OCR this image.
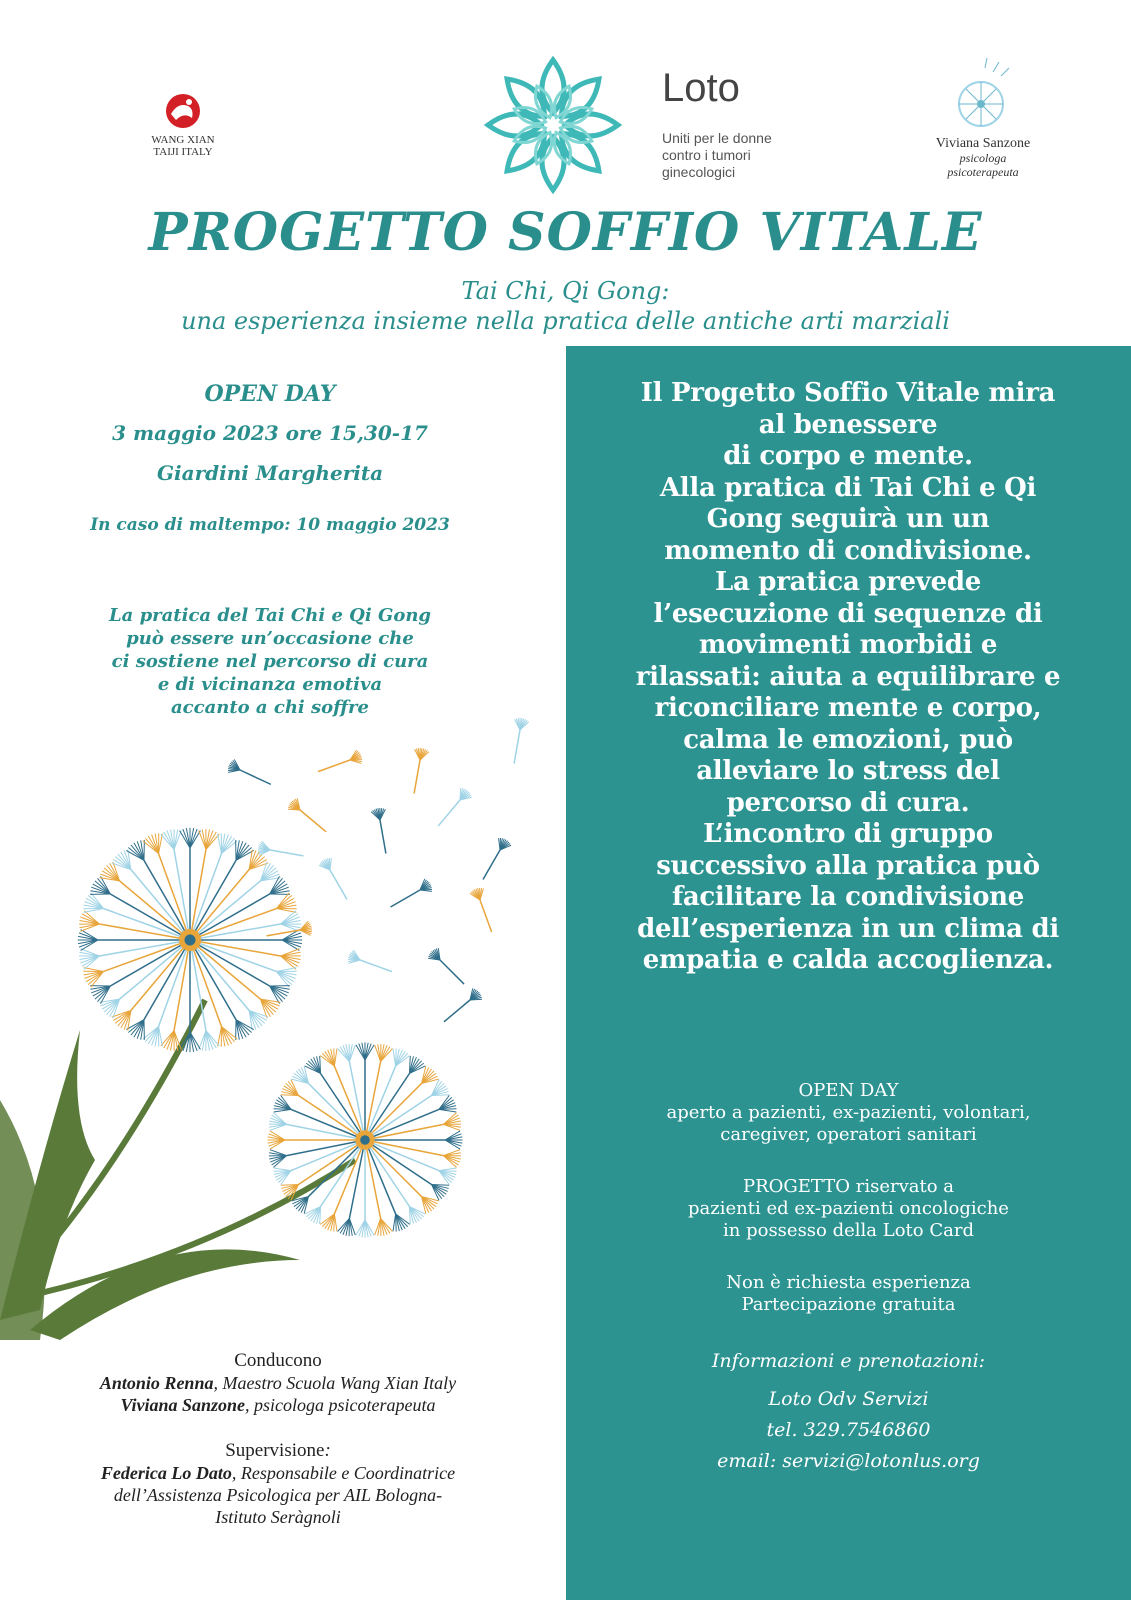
WANG XIAN
TAIJI ITALY
Loto
Uniti per le donne
contro i tumori
ginecologici
Viviana Sanzone
psicologa
psicoterapeuta
PROGETTO SOFFIO VITALE
Tai Chi, Qi Gong:
una esperienza insieme nella pratica delle antiche arti marziali
OPEN DAY
3 maggio 2023 ore 15,30-17
Giardini Margherita
In caso di maltempo: 10 maggio 2023
La pratica del Tai Chi e Qi Gong
può essere un’occasione che
ci sostiene nel percorso di cura
e di vicinanza emotiva
accanto a chi soffre
Conducono
Antonio Renna, Maestro Scuola Wang Xian Italy
Viviana Sanzone, psicologa psicoterapeuta
Supervisione:
Federica Lo Dato, Responsabile e Coordinatrice
dell’Assistenza Psicologica per AIL Bologna-
Istituto Seràgnoli
Il Progetto Soffio Vitale mira
al benessere
di corpo e mente.
Alla pratica di Tai Chi e Qi
Gong seguirà un un
momento di condivisione.
La pratica prevede
l’esecuzione di sequenze di
movimenti morbidi e
rilassati: aiuta a equilibrare e
riconciliare mente e corpo,
calma le emozioni, può
alleviare lo stress del
percorso di cura.
L’incontro di gruppo
successivo alla pratica può
facilitare la condivisione
dell’esperienza in un clima di
empatia e calda accoglienza.
OPEN DAY
aperto a pazienti, ex-pazienti, volontari,
caregiver, operatori sanitari
PROGETTO riservato a
pazienti ed ex-pazienti oncologiche
in possesso della Loto Card
Non è richiesta esperienza
Partecipazione gratuita
Informazioni e prenotazioni:
Loto Odv Servizi
tel. 329.7546860
email: servizi@lotonlus.org
